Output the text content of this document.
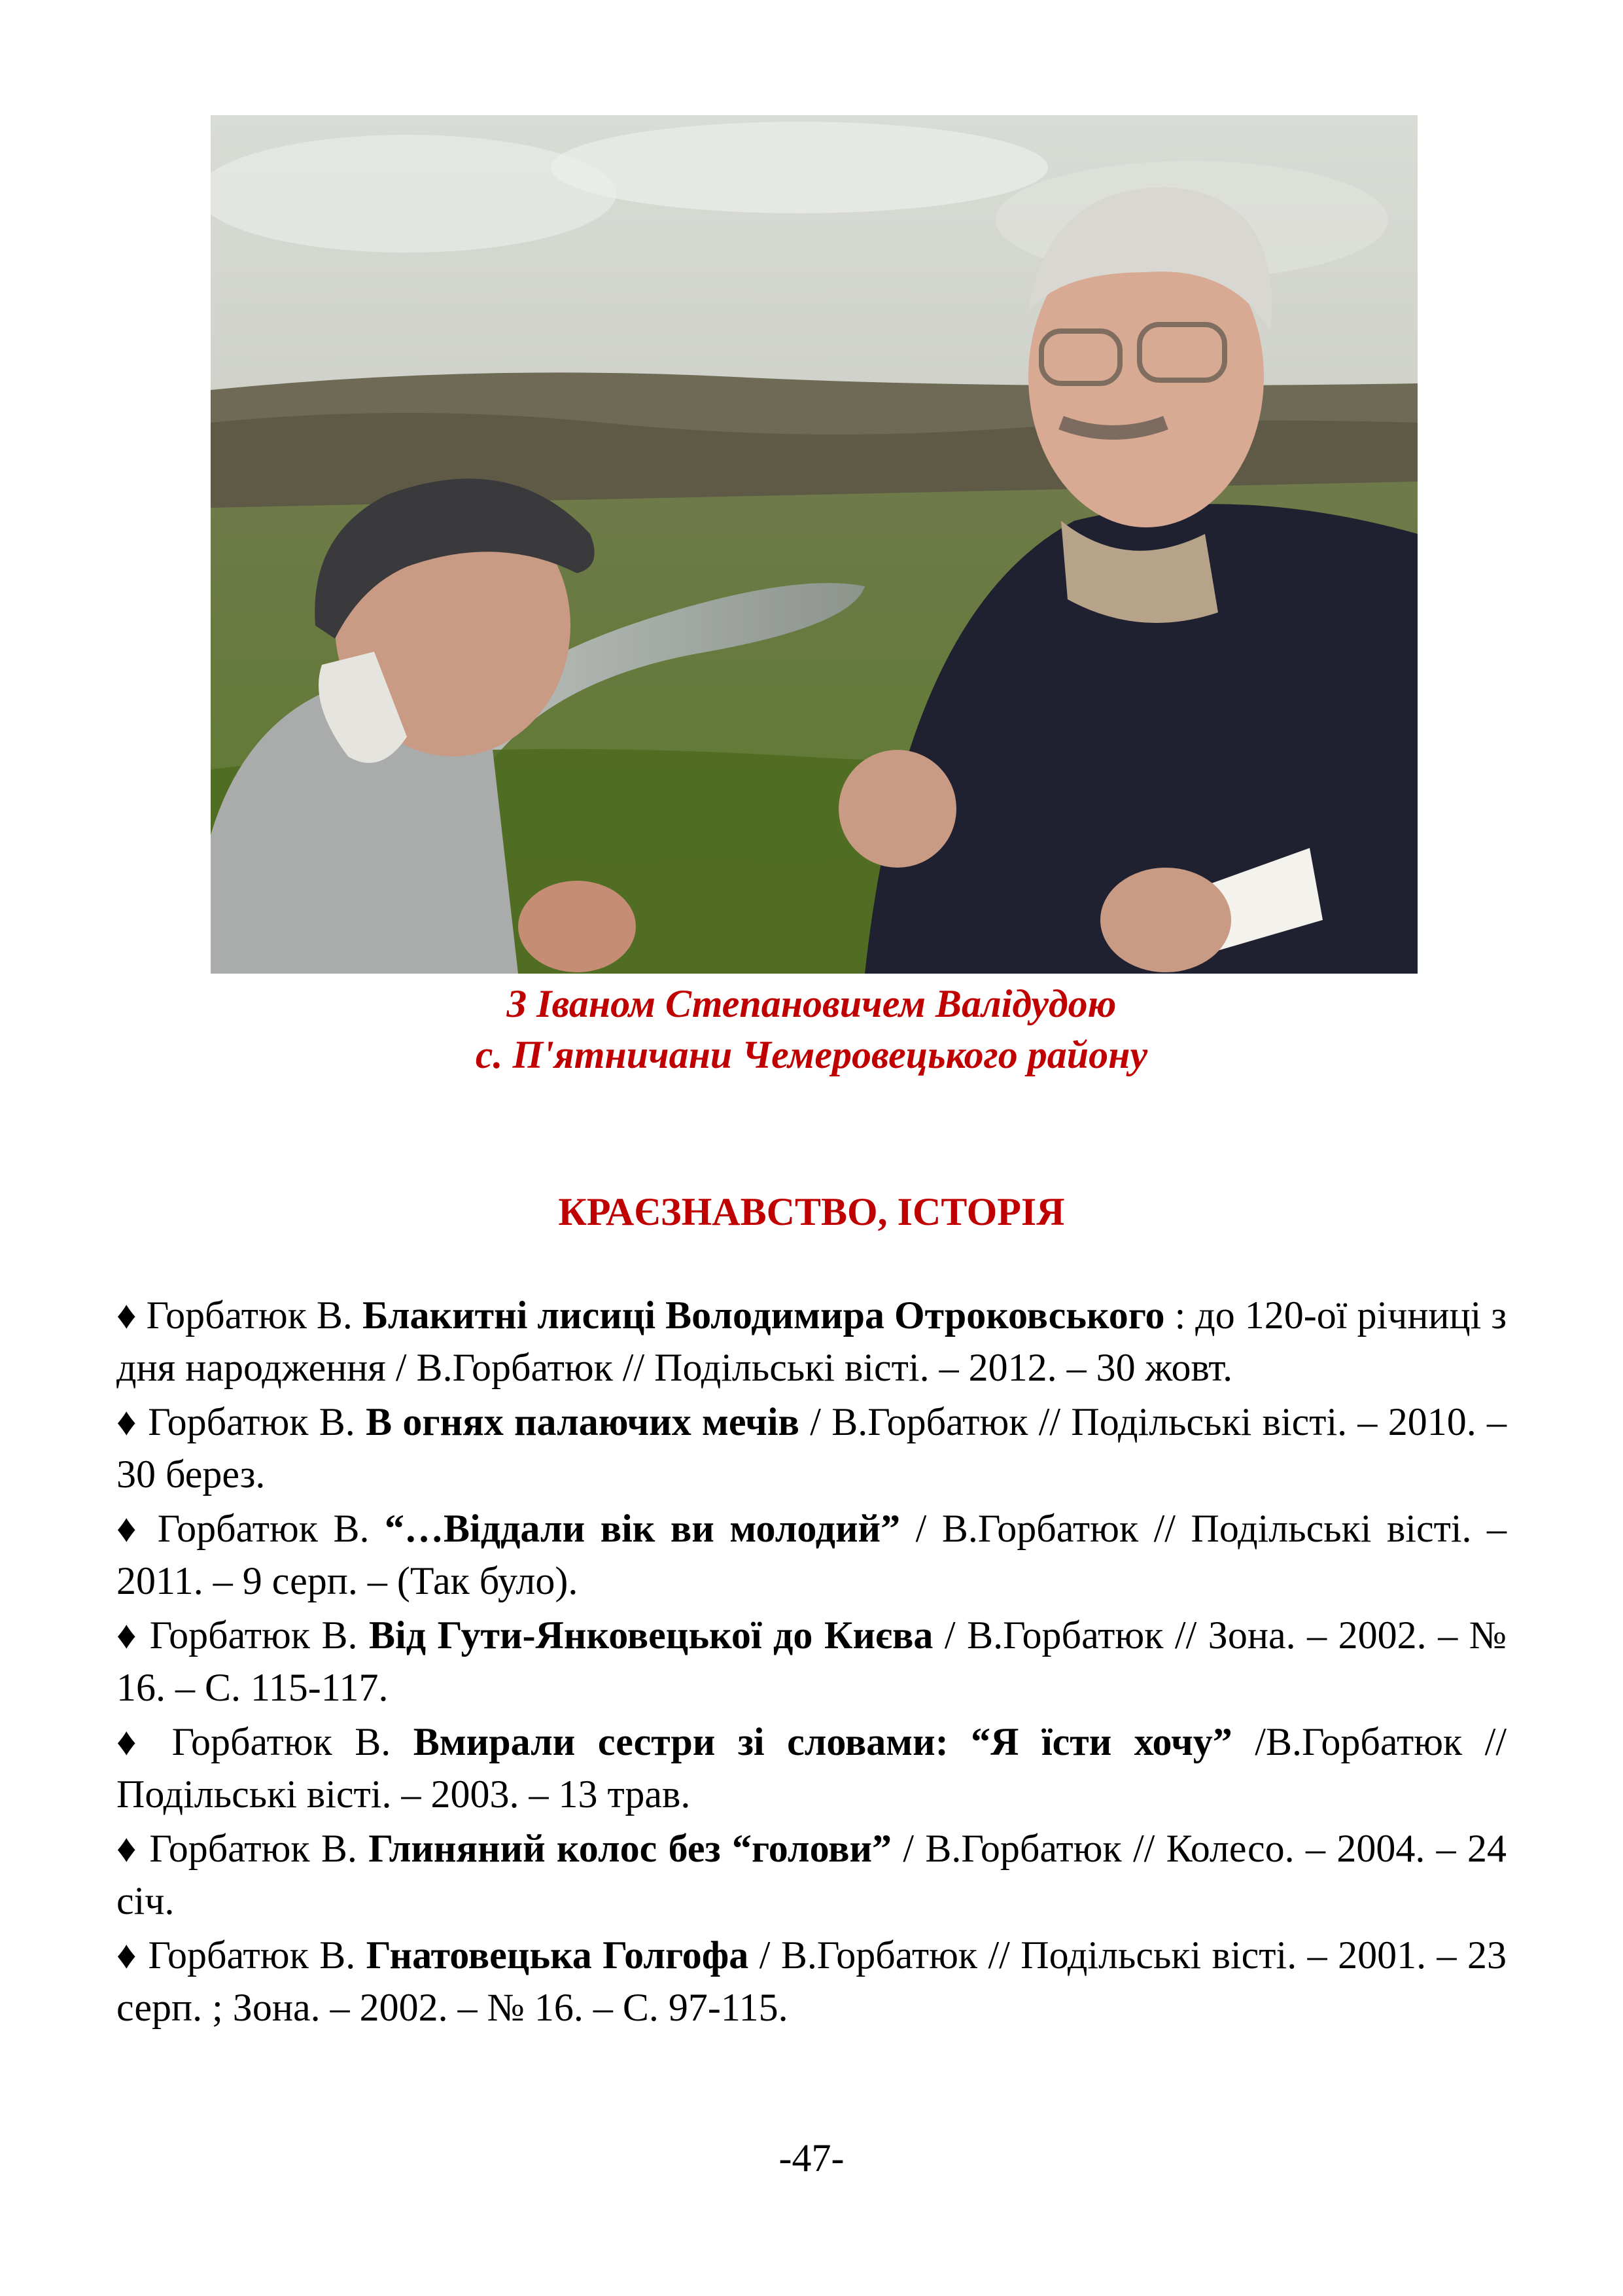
З Іваном Степановичем Валідудою
с. П'ятничани Чемеровецького району
КРАЄЗНАВСТВО, ІСТОРІЯ

♦ Горбатюк В. Блакитні лисиці Володимира Отроковського : до 120-ої річниці з дня народження / В.Горбатюк // Подільські вісті. – 2012. – 30 жовт.

♦ Горбатюк В. В огнях палаючих мечів / В.Горбатюк // Подільські вісті. – 2010. – 30 берез.

♦ Горбатюк В. “…Віддали вік ви молодий” / В.Горбатюк // Подільські вісті. – 2011. – 9 серп. – (Так було).

♦ Горбатюк В. Від Гути-Янковецької до Києва / В.Горбатюк // Зона. – 2002. – № 16. – С. 115-117.

♦ Горбатюк В. Вмирали сестри зі словами: “Я їсти хочу” /В.Горбатюк // Подільські вісті. – 2003. – 13 трав.

♦ Горбатюк В. Глиняний колос без “голови” / В.Горбатюк // Колесо. – 2004. – 24 січ.

♦ Горбатюк В. Гнатовецька Голгофа / В.Горбатюк // Подільські вісті. – 2001. – 23 серп. ; Зона. – 2002. – № 16. – С. 97-115.

-47-
